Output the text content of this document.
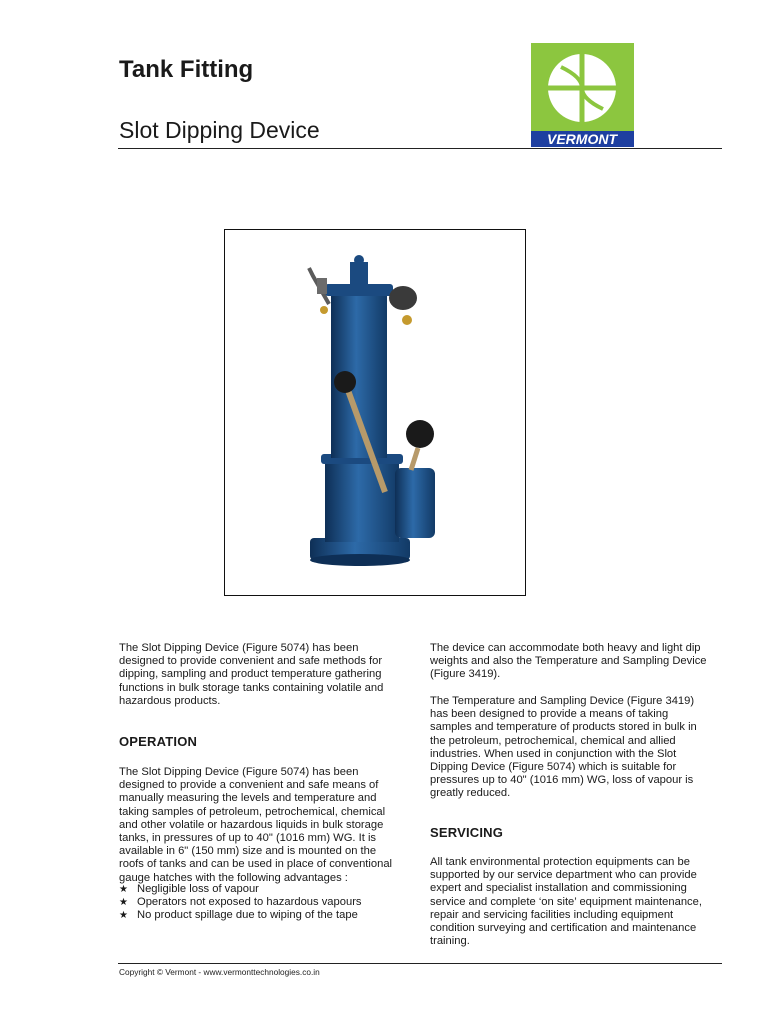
Tank Fitting
Slot Dipping Device	VERMONT

The Slot Dipping Device (Figure 5074) has been
designed to provide convenient and safe methods for
dipping, sampling and product temperature gathering
functions in bulk storage tanks containing volatile and
hazardous products.

OPERATION

The Slot Dipping Device (Figure 5074) has been
designed to provide a convenient and safe means of
manually measuring the levels and temperature and
taking samples of petroleum, petrochemical, chemical
and other volatile or hazardous liquids in bulk storage
tanks, in pressures of up to 40" (1016 mm) WG. It is
available in 6" (150 mm) size and is mounted on the
roofs of tanks and can be used in place of conventional
gauge hatches with the following advantages :

★ Negligible loss of vapour
★ Operators not exposed to hazardous vapours
★ No product spillage due to wiping of the tape

The device can accommodate both heavy and light dip
weights and also the Temperature and Sampling Device
(Figure 3419).

The Temperature and Sampling Device (Figure 3419)
has been designed to provide a means of taking
samples and temperature of products stored in bulk in
the petroleum, petrochemical, chemical and allied
industries. When used in conjunction with the Slot
Dipping Device (Figure 5074) which is suitable for
pressures up to 40" (1016 mm) WG, loss of vapour is
greatly reduced.

SERVICING

All tank environmental protection equipments can be
supported by our service department who can provide
expert and specialist installation and commissioning
service and complete ‘on site’ equipment maintenance,
repair and servicing facilities including equipment
condition surveying and certification and maintenance
training.

Copyright © Vermont - www.vermonttechnologies.co.in
